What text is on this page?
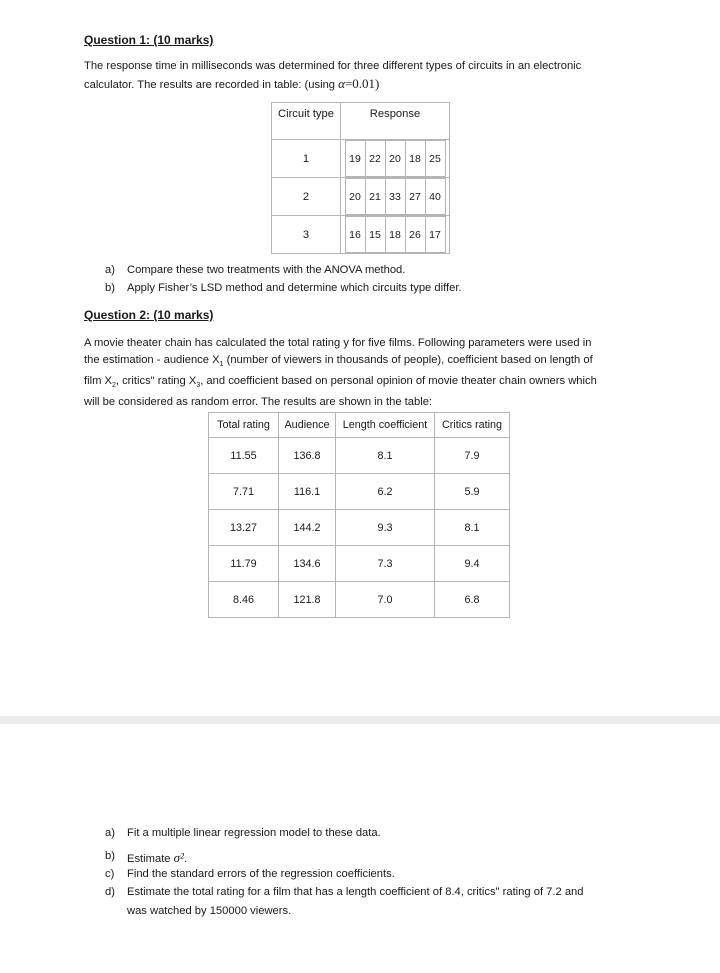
Question 1: (10 marks)
The response time in milliseconds was determined for three different types of circuits in an electronic
calculator. The results are recorded in table: (using α=0.01)
Circuit type	Response
1		19	22	20	18	25

2		20	21	33	27	40

3		16	15	18	26	17
a)	Compare these two treatments with the ANOVA method.
b)	Apply Fisher’s LSD method and determine which circuits type differ.
Question 2: (10 marks)
A movie theater chain has calculated the total rating y for five films. Following parameters were used in
the estimation - audience $X_1$ (number of viewers in thousands of people), coefficient based on length of
film $X_2$, critics" rating $X_3$, and coefficient based on personal opinion of movie theater chain owners which
will be considered as random error. The results are shown in the table:
Total rating	Audience	Length coefficient	Critics rating
11.55	136.8	8.1	7.9
7.71	116.1	6.2	5.9
13.27	144.2	9.3	8.1
11.79	134.6	7.3	9.4
8.46	121.8	7.0	6.8
a)	Fit a multiple linear regression model to these data.
b)	Estimate σ².
c)	Find the standard errors of the regression coefficients.
d)	Estimate the total rating for a film that has a length coefficient of 8.4, critics" rating of 7.2 and
was watched by 150000 viewers.
